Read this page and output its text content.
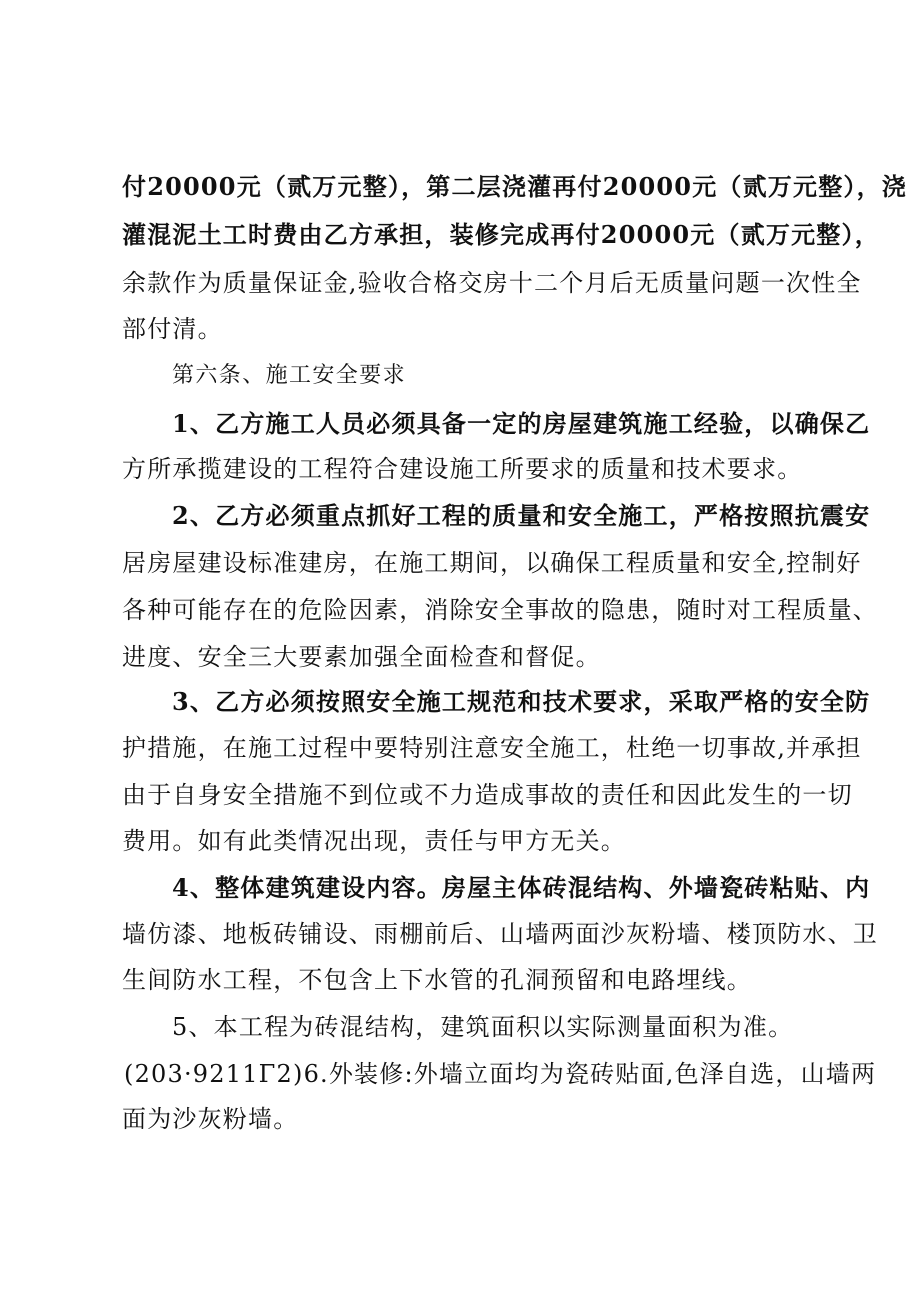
付20000元（贰万元整），第二层浇灌再付20000元（贰万元整），浇
灌混泥土工时费由乙方承担，装修完成再付20000元（贰万元整），
余款作为质量保证金,验收合格交房十二个月后无质量问题一次性全
部付清。
第六条、施工安全要求
1、乙方施工人员必须具备一定的房屋建筑施工经验，以确保乙
方所承揽建设的工程符合建设施工所要求的质量和技术要求。
2、乙方必须重点抓好工程的质量和安全施工，严格按照抗震安
居房屋建设标准建房，在施工期间，以确保工程质量和安全,控制好
各种可能存在的危险因素，消除安全事故的隐患，随时对工程质量、
进度、安全三大要素加强全面检查和督促。
3、乙方必须按照安全施工规范和技术要求，采取严格的安全防
护措施，在施工过程中要特别注意安全施工，杜绝一切事故,并承担
由于自身安全措施不到位或不力造成事故的责任和因此发生的一切
费用。如有此类情况出现，责任与甲方无关。
4、整体建筑建设内容。房屋主体砖混结构、外墙瓷砖粘贴、内
墙仿漆、地板砖铺设、雨棚前后、山墙两面沙灰粉墙、楼顶防水、卫
生间防水工程，不包含上下水管的孔洞预留和电路埋线。
5、本工程为砖混结构，建筑面积以实际测量面积为准。
(203·9211Γ2)6.外装修:外墙立面均为瓷砖贴面,色泽自选，山墙两
面为沙灰粉墙。
